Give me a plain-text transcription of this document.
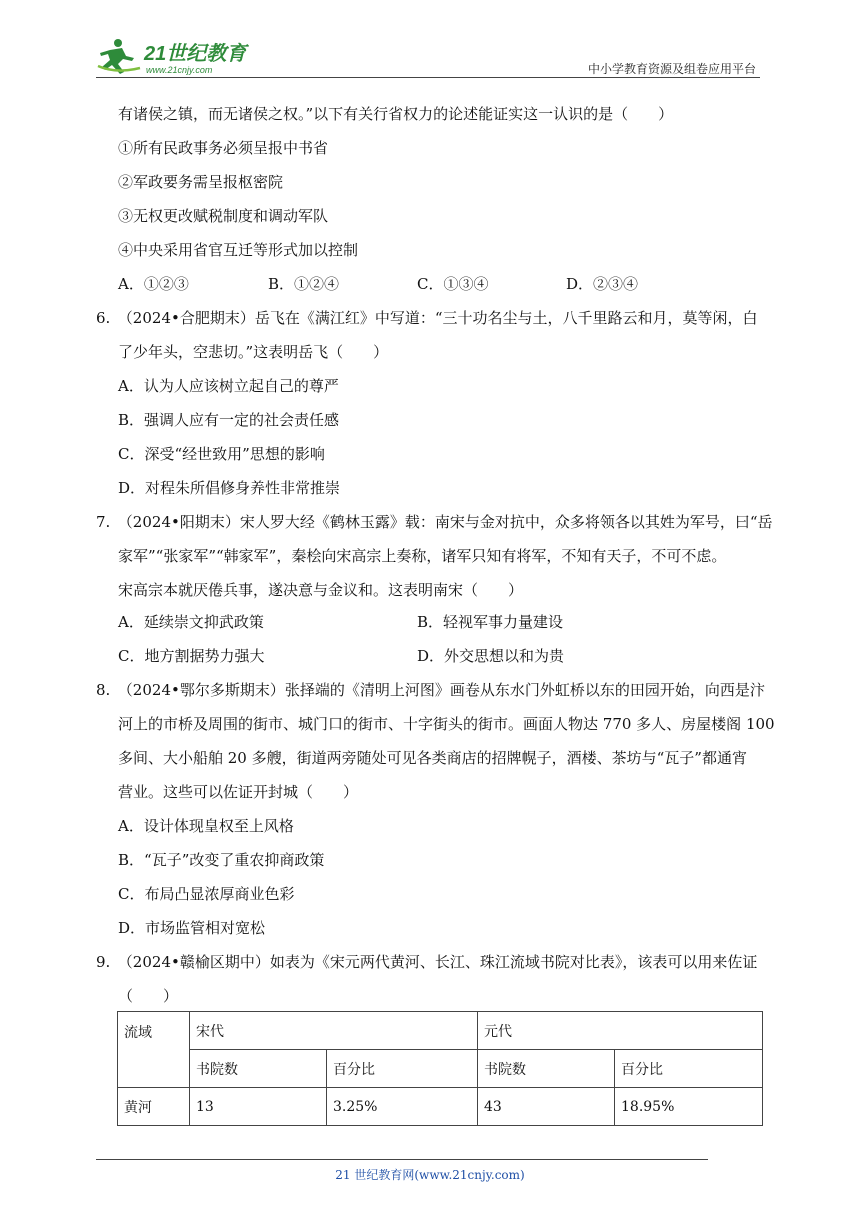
21世纪教育
www.21cnjy.com	中小学教育资源及组卷应用平台
有诸侯之镇，而无诸侯之权。”以下有关行省权力的论述能证实这一认识的是（　　）
①所有民政事务必须呈报中书省
②军政要务需呈报枢密院
③无权更改赋税制度和调动军队
④中央采用省官互迁等形式加以控制
A．①②③	B．①②④	C．①③④	D．②③④
6.　（2024•合肥期末）岳飞在《满江红》中写道：“三十功名尘与土，八千里路云和月，莫等闲，白
了少年头，空悲切。”这表明岳飞（　　）
A．认为人应该树立起自己的尊严
B．强调人应有一定的社会责任感
C．深受“经世致用”思想的影响
D．对程朱所倡修身养性非常推崇
7.　（2024•阳期末）宋人罗大经《鹤林玉露》载：南宋与金对抗中，众多将领各以其姓为军号，曰“岳
家军”“张家军”“韩家军”，秦桧向宋高宗上奏称，诸军只知有将军，不知有天子，不可不虑。
宋高宗本就厌倦兵事，遂决意与金议和。这表明南宋（　　）
A．延续崇文抑武政策	B．轻视军事力量建设
C．地方割据势力强大	D．外交思想以和为贵
8.　（2024•鄂尔多斯期末）张择端的《清明上河图》画卷从东水门外虹桥以东的田园开始，向西是汴
河上的市桥及周围的街市、城门口的街市、十字街头的街市。画面人物达 770 多人、房屋楼阁 100
多间、大小船舶 20 多艘，街道两旁随处可见各类商店的招牌幌子，酒楼、茶坊与“瓦子”都通宵
营业。这些可以佐证开封城（　　）
A．设计体现皇权至上风格
B．“瓦子”改变了重农抑商政策
C．布局凸显浓厚商业色彩
D．市场监管相对宽松
9.　（2024•赣榆区期中）如表为《宋元两代黄河、长江、珠江流域书院对比表》，该表可以用来佐证
（　　）
流域	宋代		元代	
	书院数	百分比	书院数	百分比
黄河	13	3.25%	43	18.95%
21 世纪教育网(www.21cnjy.com)
